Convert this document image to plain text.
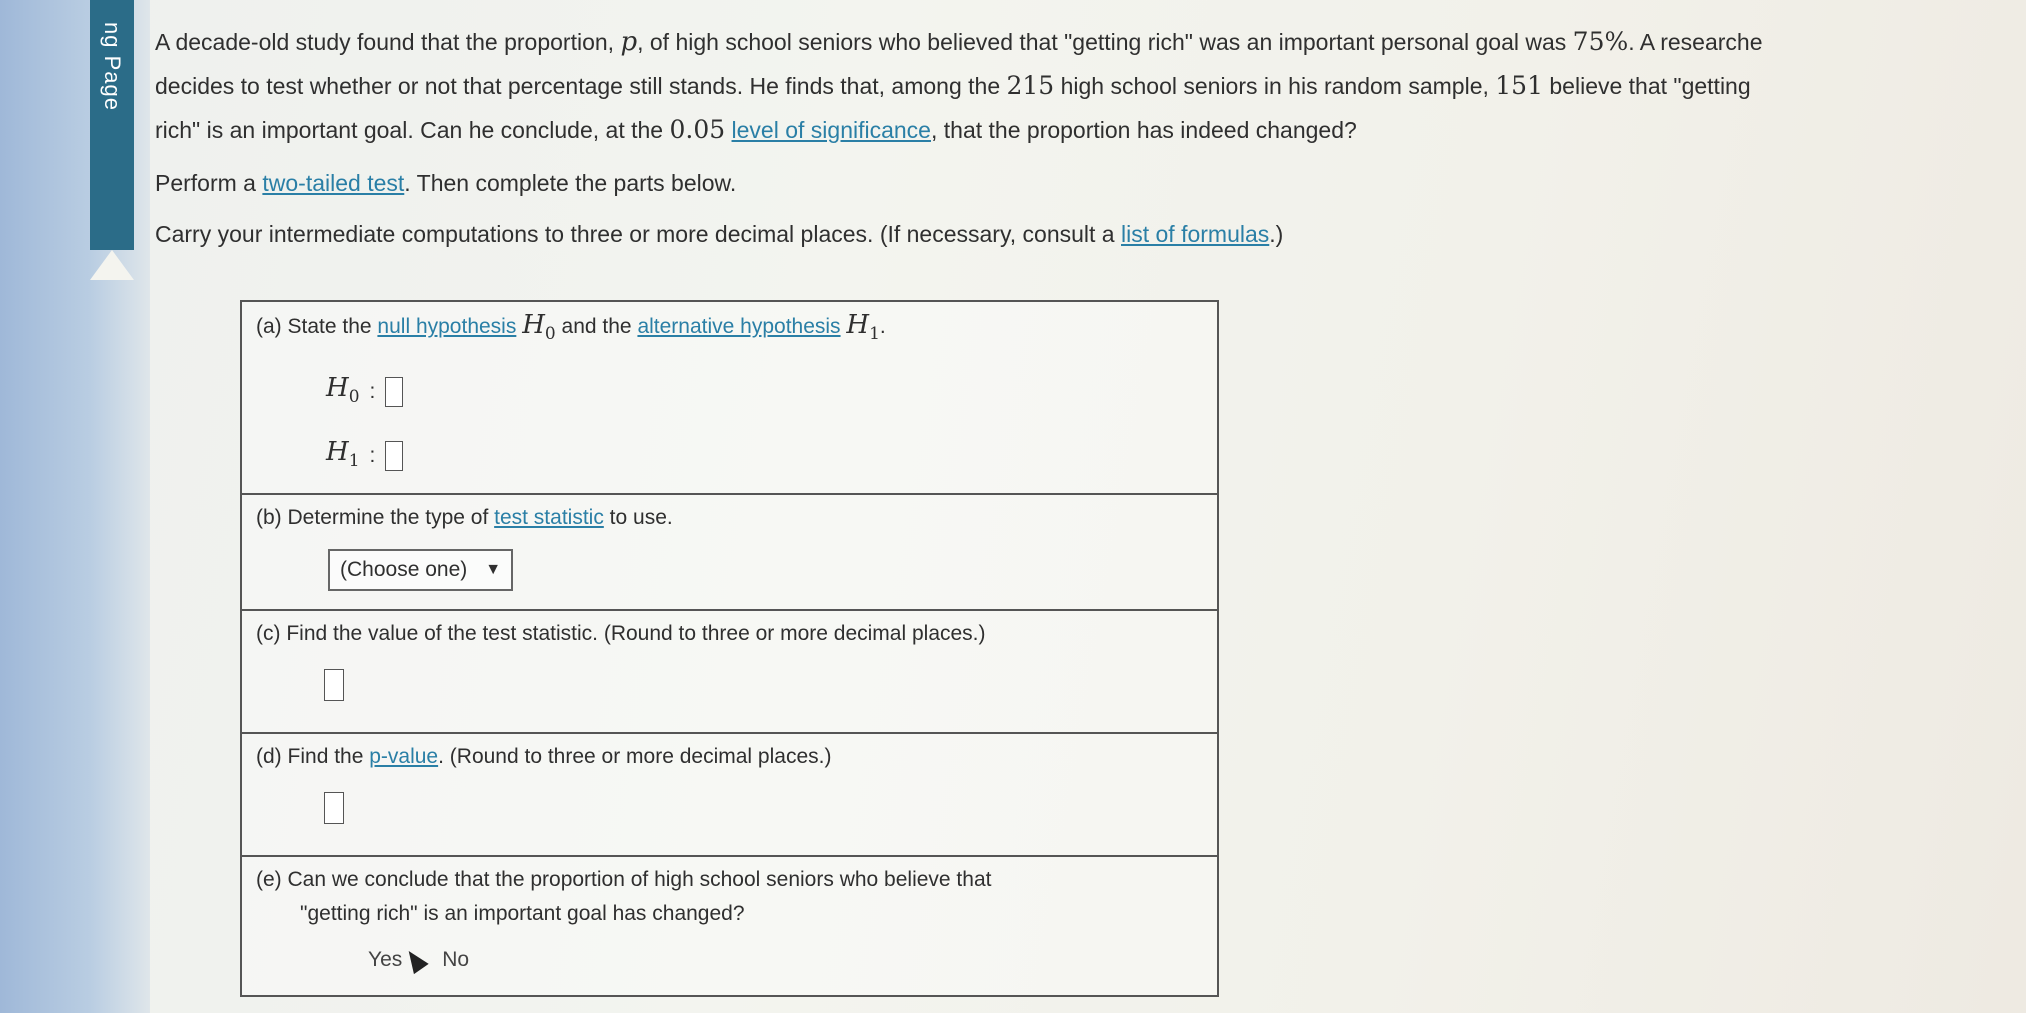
ng Page A decade-old study found that the proportion, p, of high school seniors who believed that "getting rich" was an important personal goal was 75%. A researche
decides to test whether or not that percentage still stands. He finds that, among the 215 high school seniors in his random sample, 151 believe that "getting
rich" is an important goal. Can he conclude, at the 0.05 level of significance, that the proportion has indeed changed?

Perform a two-tailed test. Then complete the parts below.

Carry your intermediate computations to three or more decimal places. (If necessary, consult a list of formulas.)

(a) State the null hypothesis $H_0$ and the alternative hypothesis $H_1$.
$H_0$ :
$H_1$ :
(b) Determine the type of test statistic to use.
(Choose one) ▼
(c) Find the value of the test statistic. (Round to three or more decimal places.)
(d) Find the p-value. (Round to three or more decimal places.)
(e) Can we conclude that the proportion of high school seniors who believe that
"getting rich" is an important goal has changed?
Yes No
